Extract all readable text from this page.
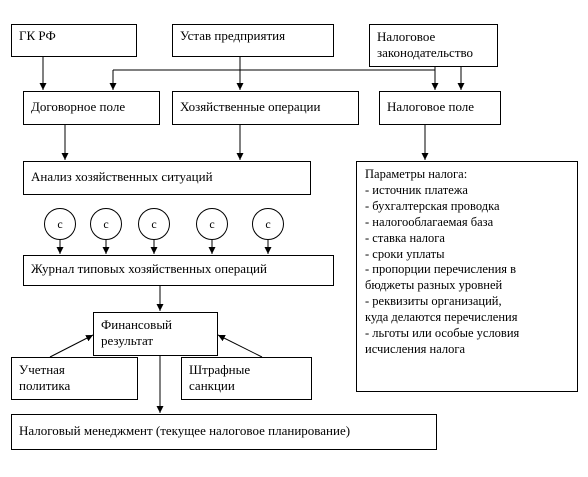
ГК РФ	Устав предприятия	Налоговое
законодательство
Договорное поле	Хозяйственные операции	Налоговое поле
Анализ хозяйственных ситуаций	Параметры налога:
- источник платежа
- бухгалтерская проводка
- налогооблагаемая база
- ставка налога
- сроки уплаты
- пропорции перечисления в
бюджеты разных уровней
- реквизиты организаций,
куда делаются перечисления
- льготы или особые условия
исчисления налога
с	с	с	с	с
Журнал типовых хозяйственных операций
Финансовый
результат
Учетная
политика
Штрафные
санкции
Налоговый менеджмент (текущее налоговое планирование)
